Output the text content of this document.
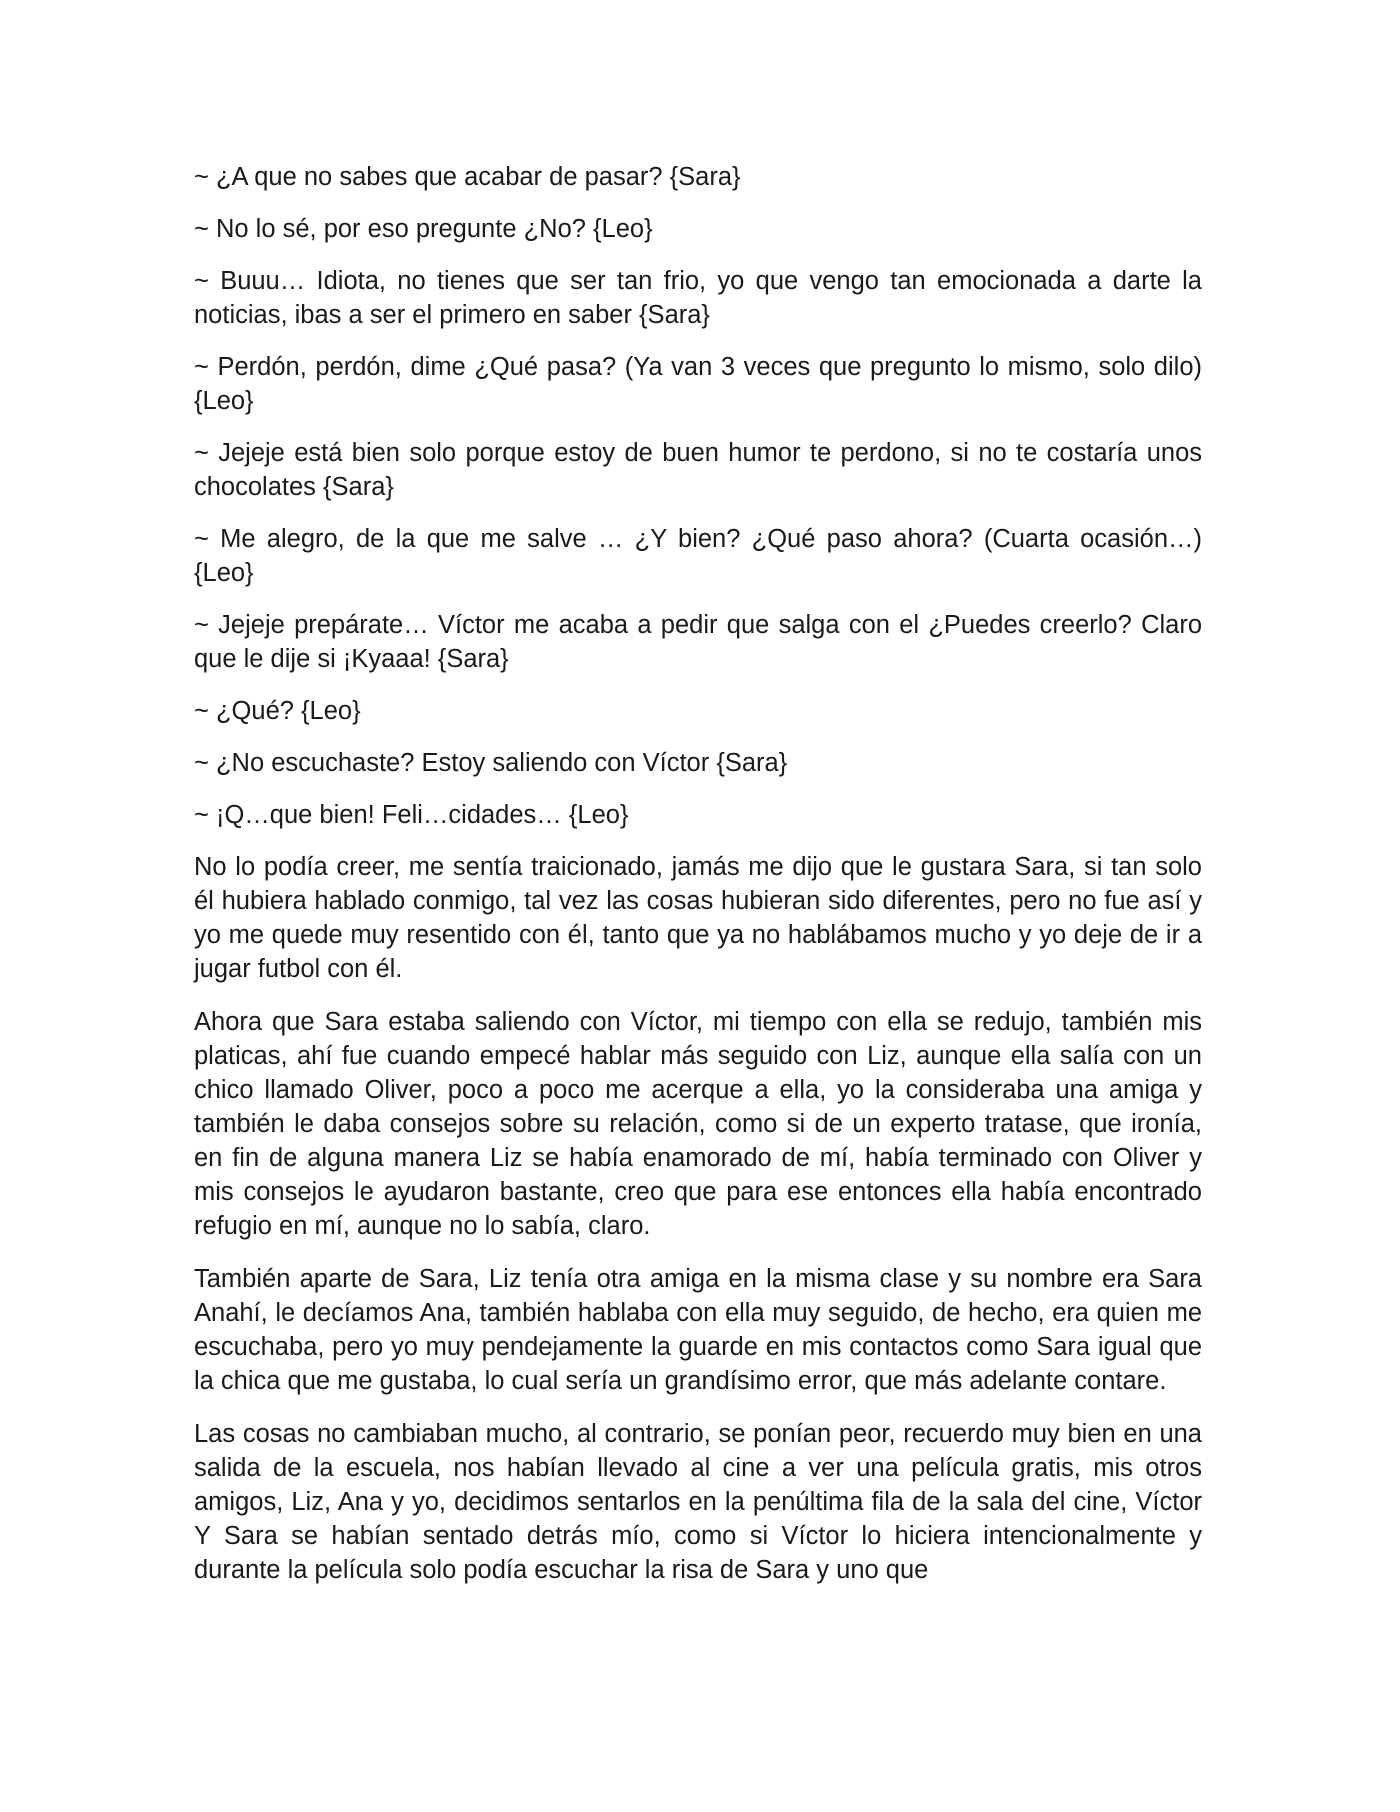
~ ¿A que no sabes que acabar de pasar? {Sara}

~ No lo sé, por eso pregunte ¿No? {Leo}

~ Buuu… Idiota, no tienes que ser tan frio, yo que vengo tan emocionada a darte la noticias, ibas a ser el primero en saber {Sara}

~ Perdón, perdón, dime ¿Qué pasa? (Ya van 3 veces que pregunto lo mismo, solo dilo) {Leo}

~ Jejeje está bien solo porque estoy de buen humor te perdono, si no te costaría unos chocolates {Sara}

~ Me alegro, de la que me salve … ¿Y bien? ¿Qué paso ahora? (Cuarta ocasión…) {Leo}

~ Jejeje prepárate… Víctor me acaba a pedir que salga con el ¿Puedes creerlo? Claro que le dije si ¡Kyaaa! {Sara}

~ ¿Qué? {Leo}

~ ¿No escuchaste? Estoy saliendo con Víctor {Sara}

~ ¡Q…que bien! Feli…cidades… {Leo}

No lo podía creer, me sentía traicionado, jamás me dijo que le gustara Sara, si tan solo él hubiera hablado conmigo, tal vez las cosas hubieran sido diferentes, pero no fue así y yo me quede muy resentido con él, tanto que ya no hablábamos mucho y yo deje de ir a jugar futbol con él.

Ahora que Sara estaba saliendo con Víctor, mi tiempo con ella se redujo, también mis platicas, ahí fue cuando empecé hablar más seguido con Liz, aunque ella salía con un chico llamado Oliver, poco a poco me acerque a ella, yo la consideraba una amiga y también le daba consejos sobre su relación, como si de un experto tratase, que ironía, en fin de alguna manera Liz se había enamorado de mí, había terminado con Oliver y mis consejos le ayudaron bastante, creo que para ese entonces ella había encontrado refugio en mí, aunque no lo sabía, claro.

También aparte de Sara, Liz tenía otra amiga en la misma clase y su nombre era Sara Anahí, le decíamos Ana, también hablaba con ella muy seguido, de hecho, era quien me escuchaba, pero yo muy pendejamente la guarde en mis contactos como Sara igual que la chica que me gustaba, lo cual sería un grandísimo error, que más adelante contare.

Las cosas no cambiaban mucho, al contrario, se ponían peor, recuerdo muy bien en una salida de la escuela, nos habían llevado al cine a ver una película gratis, mis otros amigos, Liz, Ana y yo, decidimos sentarlos en la penúltima fila de la sala del cine, Víctor Y Sara se habían sentado detrás mío, como si Víctor lo hiciera intencionalmente y durante la película solo podía escuchar la risa de Sara y uno que
